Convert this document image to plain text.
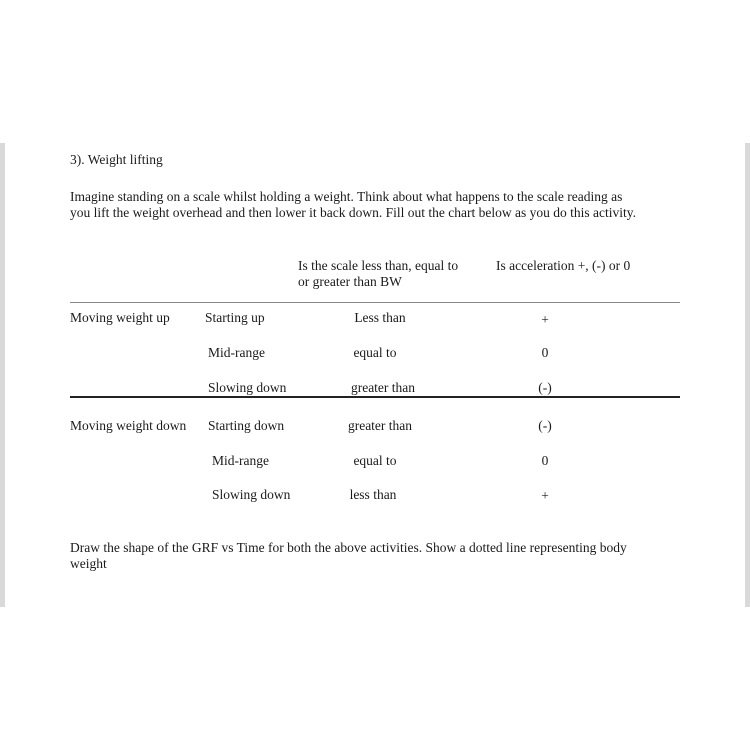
3). Weight lifting
Imagine standing on a scale whilst holding a weight. Think about what happens to the scale reading as
you lift the weight overhead and then lower it back down. Fill out the chart below as you do this activity.
Is the scale less than, equal to
or greater than BW
Is acceleration +, (-) or 0
Moving weight up	Starting up	Less than	+
Mid-range	equal to	0
Slowing down	greater than	(-)
Moving weight down Starting down	greater than	(-)
Mid-range	equal to	0
Slowing down	less than	+
Draw the shape of the GRF vs Time for both the above activities. Show a dotted line representing body
weight
